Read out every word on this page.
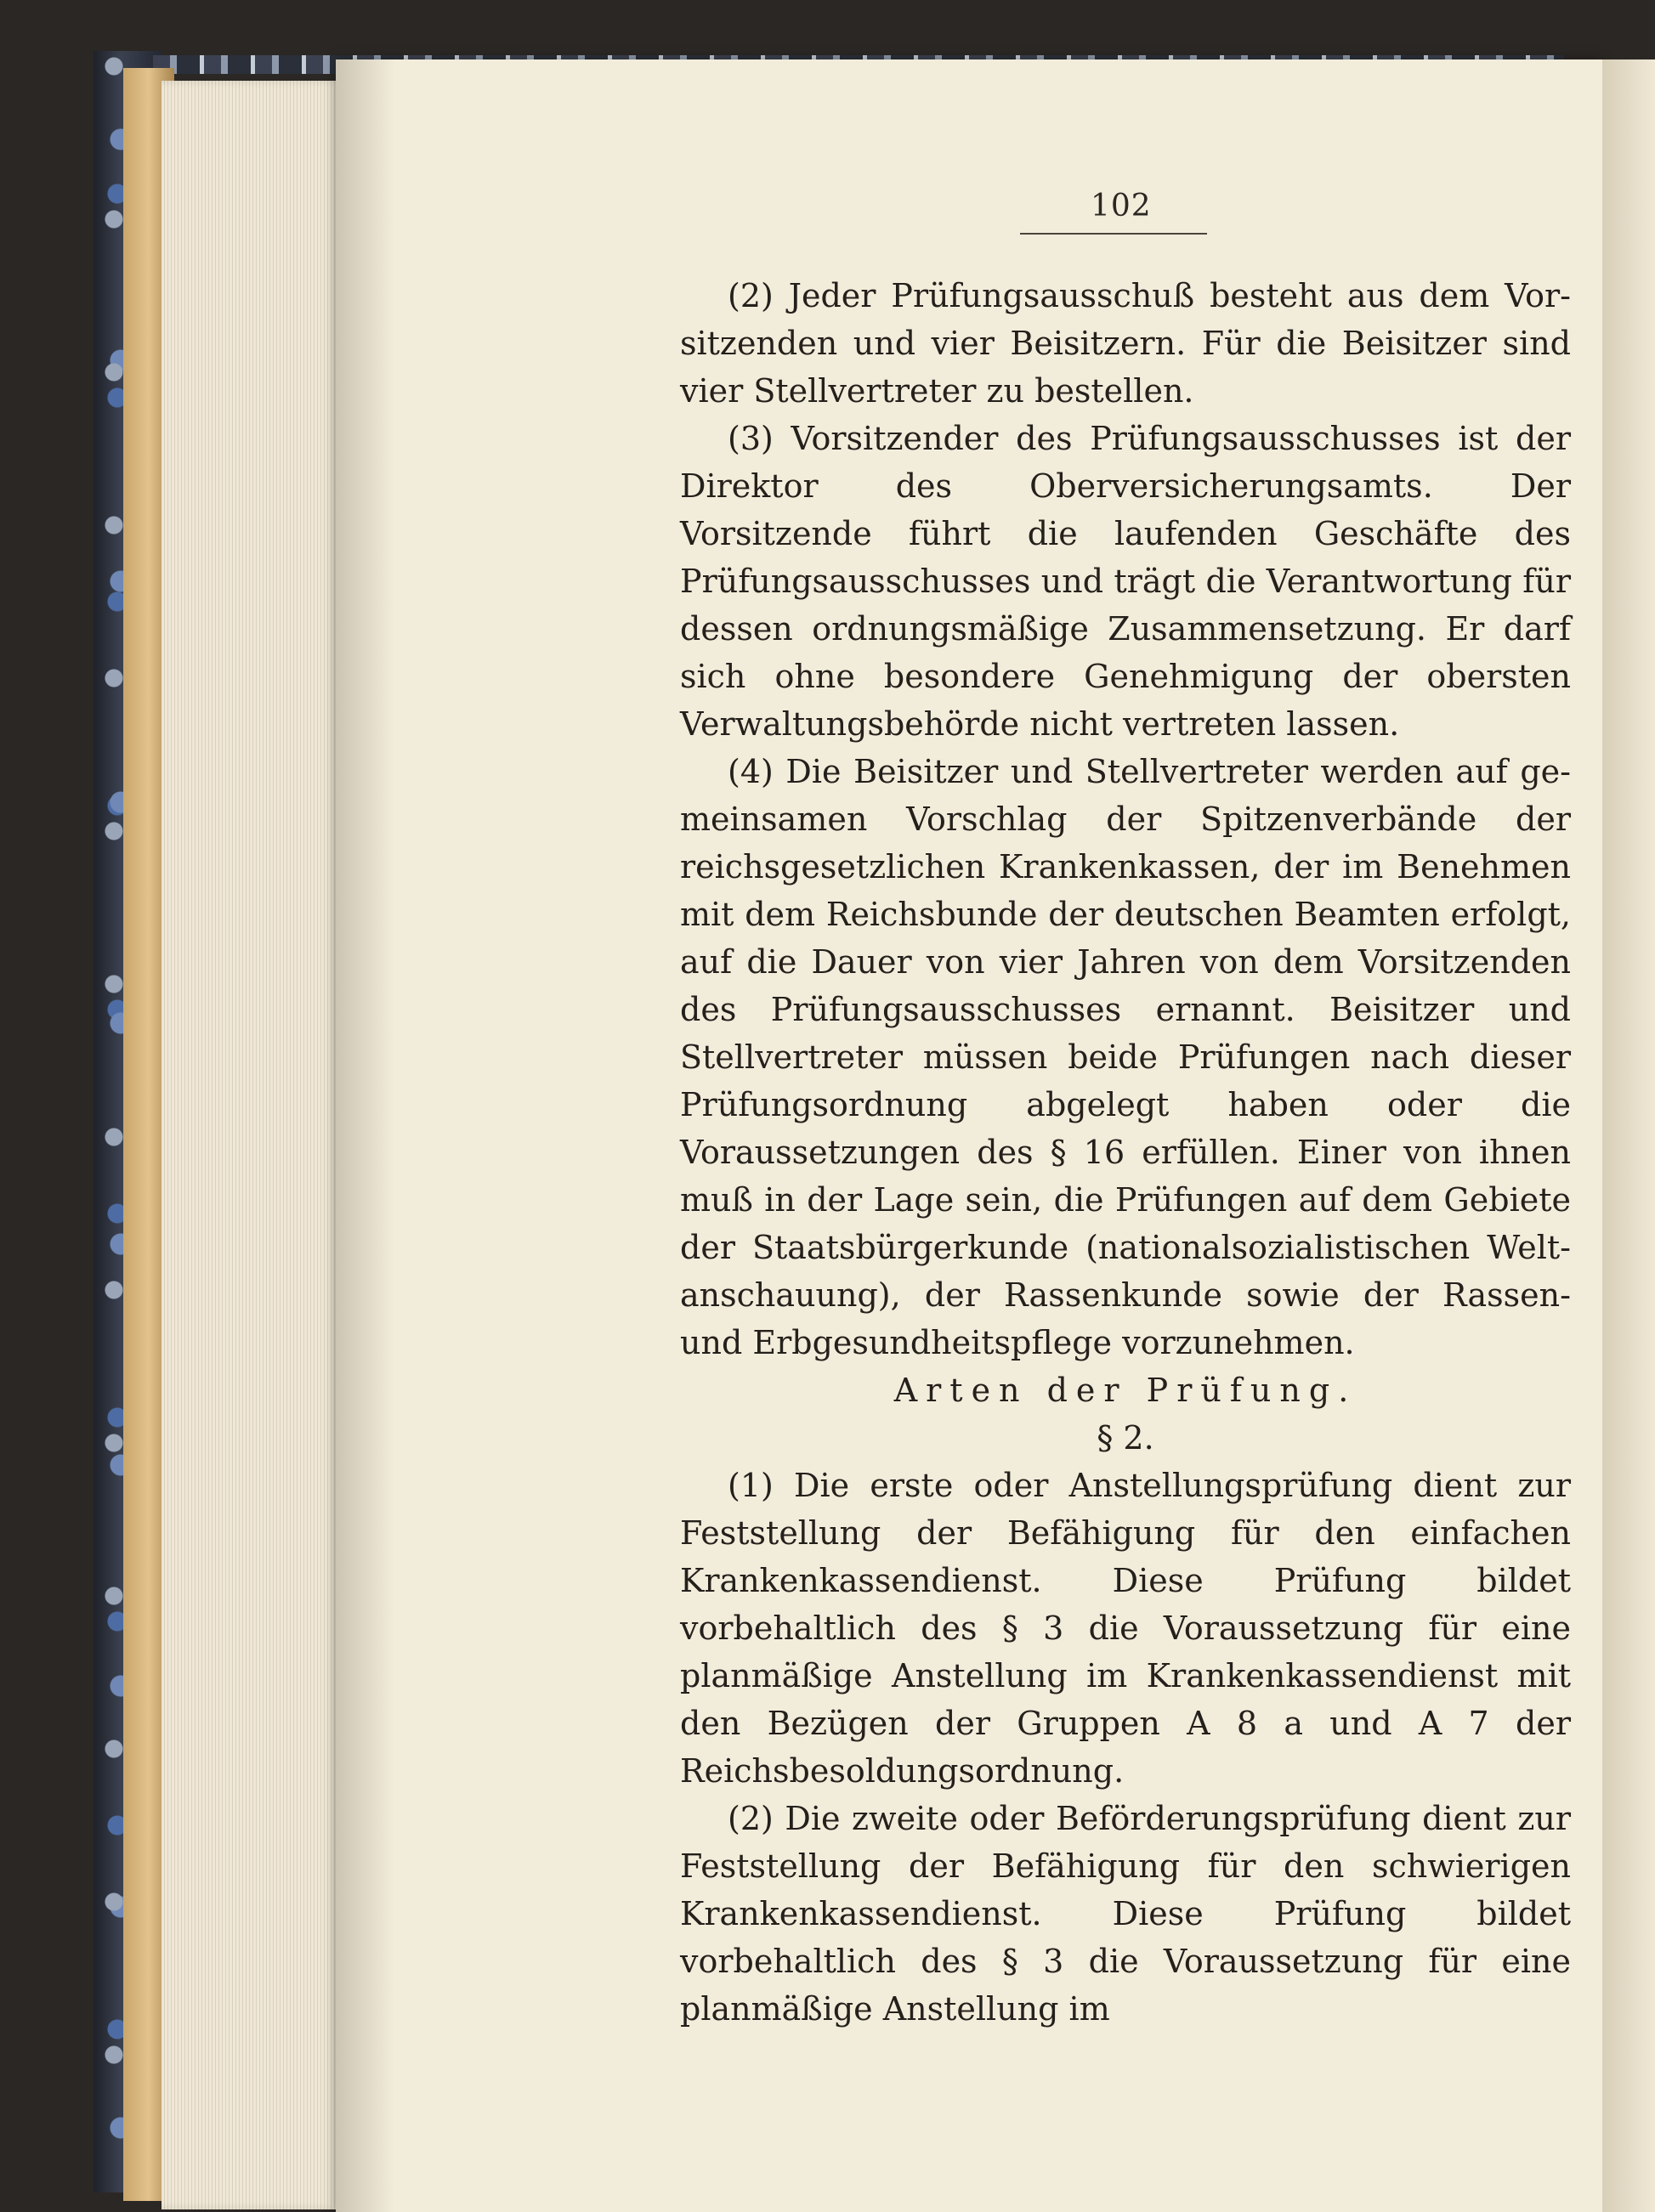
102

(2) Jeder Prüfungsausschuß besteht aus dem Vorsitzenden und vier Beisitzern. Für die Beisitzer sind vier Stellvertreter zu bestellen.

(3) Vorsitzender des Prüfungsausschusses ist der Direktor des Oberversicherungsamts. Der Vorsitzende führt die laufenden Geschäfte des Prüfungsausschusses und trägt die Verantwortung für dessen ordnungsmäßige Zusammensetzung. Er darf sich ohne besondere Genehmigung der obersten Verwaltungsbehörde nicht vertreten lassen.

(4) Die Beisitzer und Stellvertreter werden auf gemeinsamen Vorschlag der Spitzenverbände der reichsgesetzlichen Krankenkassen, der im Benehmen mit dem Reichsbunde der deutschen Beamten erfolgt, auf die Dauer von vier Jahren von dem Vorsitzenden des Prüfungsausschusses ernannt. Beisitzer und Stellvertreter müssen beide Prüfungen nach dieser Prüfungsordnung abgelegt haben oder die Voraussetzungen des § 16 erfüllen. Einer von ihnen muß in der Lage sein, die Prüfungen auf dem Gebiete der Staatsbürgerkunde (nationalsozialistischen Weltanschauung), der Rassenkunde sowie der Rassen- und Erbgesundheitspflege vorzunehmen.

Arten der Prüfung.

§ 2.

(1) Die erste oder Anstellungsprüfung dient zur Feststellung der Befähigung für den einfachen Krankenkassendienst. Diese Prüfung bildet vorbehaltlich des § 3 die Voraussetzung für eine planmäßige Anstellung im Krankenkassendienst mit den Bezügen der Gruppen A 8 a und A 7 der Reichsbesoldungsordnung.

(2) Die zweite oder Beförderungsprüfung dient zur Feststellung der Befähigung für den schwierigen Krankenkassendienst. Diese Prüfung bildet vorbehaltlich des § 3 die Voraussetzung für eine planmäßige Anstellung im
